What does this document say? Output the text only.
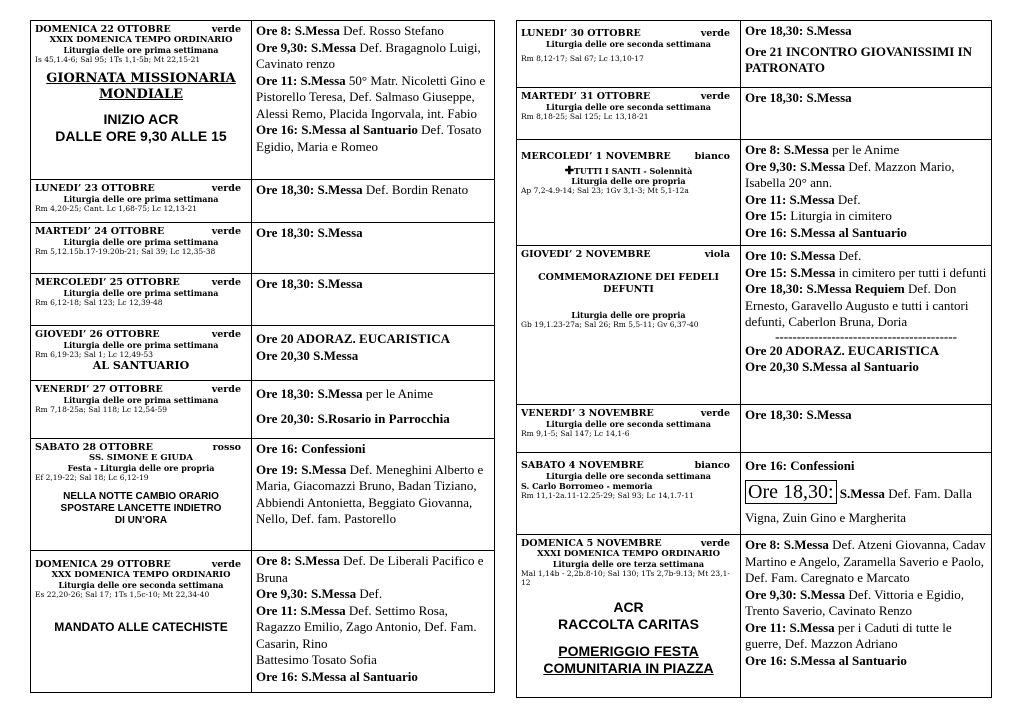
DOMENICA 22 OTTOBRE	verde
XXIX DOMENICA TEMPO ORDINARIO
Liturgia delle ore prima settimana
Is 45,1.4-6; Sal 95; 1Ts 1,1-5b; Mt 22,15-21
GIORNATA MISSIONARIA
MONDIALE
INIZIO ACR
DALLE ORE 9,30 ALLE 15
Ore 8: S.Messa Def. Rosso Stefano
Ore 9,30: S.Messa Def. Bragagnolo Luigi, Cavinato renzo
Ore 11: S.Messa 50° Matr. Nicoletti Gino e Pistorello Teresa, Def. Salmaso Giuseppe, Alessi Remo, Placida Ingorvala, int. Fabio
Ore 16: S.Messa al Santuario Def. Tosato Egidio, Maria e Romeo
LUNEDI’ 23 OTTOBRE	verde
Liturgia delle ore prima settimana
Rm 4,20-25; Cant. Lc 1,68-75; Lc 12,13-21
Ore 18,30: S.Messa Def. Bordin Renato
MARTEDI’ 24 OTTOBRE	verde
Liturgia delle ore prima settimana
Rm 5,12.15b.17-19.20b-21; Sal 39; Lc 12,35-38
Ore 18,30: S.Messa
MERCOLEDI’ 25 OTTOBRE	verde
Liturgia delle ore prima settimana
Rm 6,12-18; Sal 123; Lc 12,39-48
Ore 18,30: S.Messa
GIOVEDI’ 26 OTTOBRE	verde
Liturgia delle ore prima settimana
Rm 6,19-23; Sal 1; Lc 12,49-53
AL SANTUARIO
Ore 20 ADORAZ. EUCARISTICA
Ore 20,30 S.Messa
VENERDI’ 27 OTTOBRE	verde
Liturgia delle ore prima settimana
Rm 7,18-25a; Sal 118; Lc 12,54-59
Ore 18,30: S.Messa per le Anime
Ore 20,30: S.Rosario in Parrocchia
SABATO 28 OTTOBRE	rosso
SS. SIMONE E GIUDA
Festa - Liturgia delle ore propria
Ef 2,19-22; Sal 18; Lc 6,12-19
NELLA NOTTE CAMBIO ORARIO
SPOSTARE LANCETTE INDIETRO
DI UN’ORA
Ore 16: Confessioni
Ore 19: S.Messa Def. Meneghini Alberto e Maria, Giacomazzi Bruno, Badan Tiziano, Abbiendi Antonietta, Beggiato Giovanna, Nello, Def. fam. Pastorello
DOMENICA 29 OTTOBRE	verde
XXX DOMENICA TEMPO ORDINARIO
Liturgia delle ore seconda settimana
Es 22,20-26; Sal 17; 1Ts 1,5c-10; Mt 22,34-40
MANDATO ALLE CATECHISTE
Ore 8: S.Messa Def. De Liberali Pacifico e Bruna
Ore 9,30: S.Messa Def.
Ore 11: S.Messa Def. Settimo Rosa, Ragazzo Emilio, Zago Antonio, Def. Fam. Casarin, Rino
Battesimo Tosato Sofia
Ore 16: S.Messa al Santuario
LUNEDI’ 30 OTTOBRE	verde
Liturgia delle ore seconda settimana
Rm 8,12-17; Sal 67; Lc 13,10-17
Ore 18,30: S.Messa
Ore 21 INCONTRO GIOVANISSIMI IN PATRONATO
MARTEDI’ 31 OTTOBRE	verde
Liturgia delle ore seconda settimana
Rm 8,18-25; Sal 125; Lc 13,18-21
Ore 18,30: S.Messa
MERCOLEDI’ 1 NOVEMBRE	bianco
✚TUTTI I SANTI - Solennità
Liturgia delle ore propria
Ap 7,2-4.9-14; Sal 23; 1Gv 3,1-3; Mt 5,1-12a
Ore 8: S.Messa per le Anime
Ore 9,30: S.Messa Def. Mazzon Mario, Isabella 20° ann.
Ore 11: S.Messa Def.
Ore 15: Liturgia in cimitero
Ore 16: S.Messa al Santuario
GIOVEDI’ 2 NOVEMBRE	viola
COMMEMORAZIONE DEI FEDELI DEFUNTI
Liturgia delle ore propria
Gb 19,1.23-27a; Sal 26; Rm 5,5-11; Gv 6,37-40
Ore 10: S.Messa Def.
Ore 15: S.Messa in cimitero per tutti i defunti
Ore 18,30: S.Messa Requiem Def. Don Ernesto, Garavello Augusto e tutti i cantori defunti, Caberlon Bruna, Doria
------------------------------------------
Ore 20 ADORAZ. EUCARISTICA
Ore 20,30 S.Messa al Santuario
VENERDI’ 3 NOVEMBRE	verde
Liturgia delle ore seconda settimana
Rm 9,1-5; Sal 147; Lc 14,1-6
Ore 18,30: S.Messa
SABATO 4 NOVEMBRE	bianco
Liturgia delle ore seconda settimana
S. Carlo Borromeo - memoria
Rm 11,1-2a.11-12.25-29; Sal 93; Lc 14,1.7-11
Ore 16: Confessioni
Ore 18,30: S.Messa Def. Fam. Dalla Vigna, Zuin Gino e Margherita
DOMENICA 5 NOVEMBRE	verde
XXXI DOMENICA TEMPO ORDINARIO
Liturgia delle ore terza settimana
Mal 1,14b - 2,2b.8-10; Sal 130; 1Ts 2,7b-9.13; Mt 23,1-12
ACR
RACCOLTA CARITAS
POMERIGGIO FESTA
COMUNITARIA IN PIAZZA
Ore 8: S.Messa Def. Atzeni Giovanna, Cadav Martino e Angelo, Zaramella Saverio e Paolo, Def. Fam. Caregnato e Marcato
Ore 9,30: S.Messa Def. Vittoria e Egidio, Trento Saverio, Cavinato Renzo
Ore 11: S.Messa per i Caduti di tutte le guerre, Def. Mazzon Adriano
Ore 16: S.Messa al Santuario
